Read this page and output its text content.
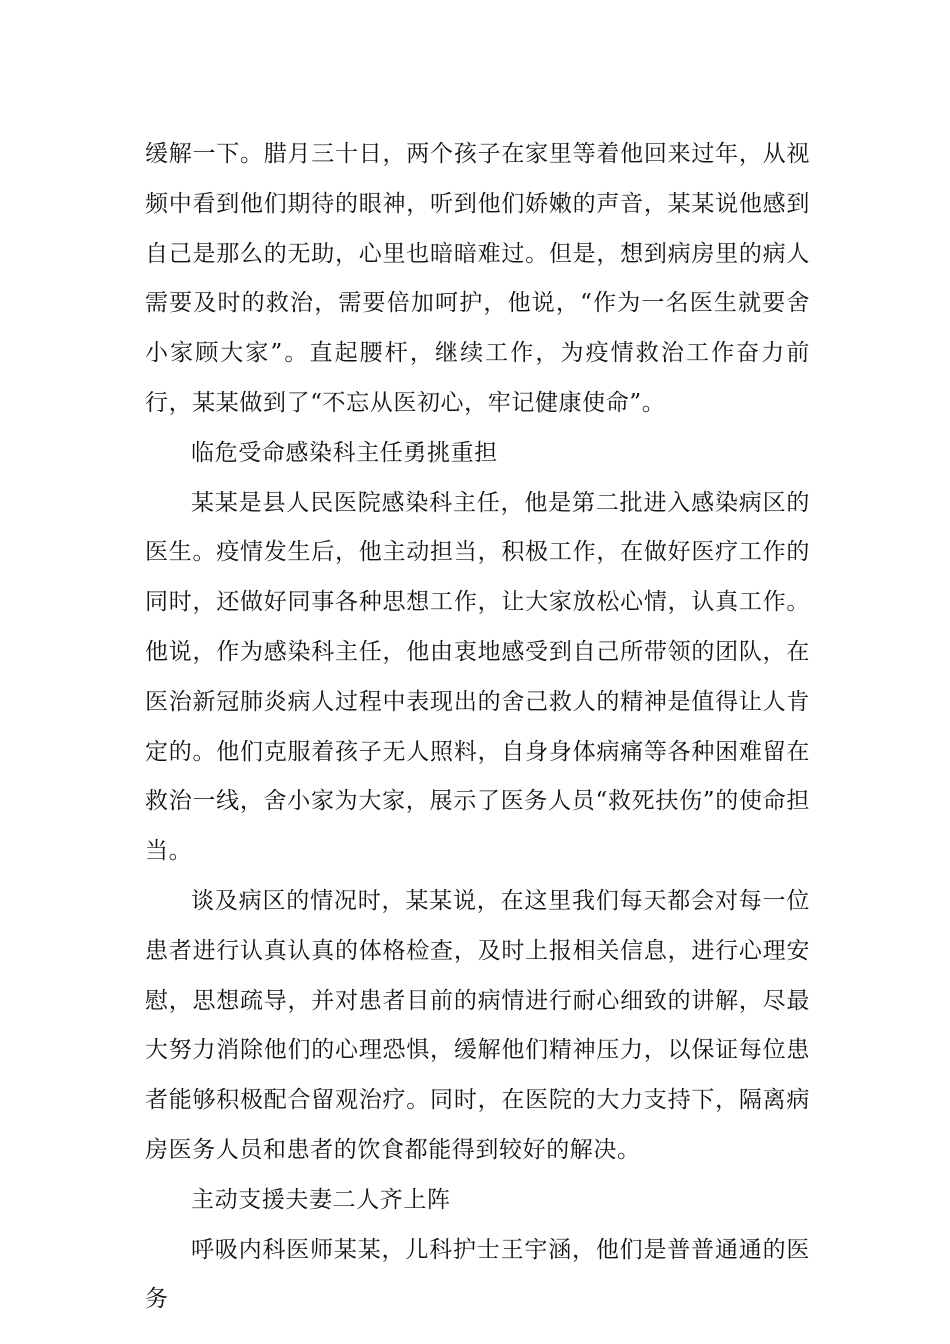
缓解一下。腊月三十日，两个孩子在家里等着他回来过年，从视频中看到他们期待的眼神，听到他们娇嫩的声音，某某说他感到自己是那么的无助，心里也暗暗难过。但是，想到病房里的病人需要及时的救治，需要倍加呵护，他说，“作为一名医生就要舍小家顾大家”。直起腰杆，继续工作，为疫情救治工作奋力前行，某某做到了“不忘从医初心，牢记健康使命”。

临危受命感染科主任勇挑重担

某某是县人民医院感染科主任，他是第二批进入感染病区的医生。疫情发生后，他主动担当，积极工作，在做好医疗工作的同时，还做好同事各种思想工作，让大家放松心情，认真工作。他说，作为感染科主任，他由衷地感受到自己所带领的团队，在医治新冠肺炎病人过程中表现出的舍己救人的精神是值得让人肯定的。他们克服着孩子无人照料，自身身体病痛等各种困难留在救治一线，舍小家为大家，展示了医务人员“救死扶伤”的使命担当。

谈及病区的情况时，某某说，在这里我们每天都会对每一位患者进行认真认真的体格检查，及时上报相关信息，进行心理安慰，思想疏导，并对患者目前的病情进行耐心细致的讲解，尽最大努力消除他们的心理恐惧，缓解他们精神压力，以保证每位患者能够积极配合留观治疗。同时，在医院的大力支持下，隔离病房医务人员和患者的饮食都能得到较好的解决。

主动支援夫妻二人齐上阵

呼吸内科医师某某，儿科护士王宇涵，他们是普普通通的医务
